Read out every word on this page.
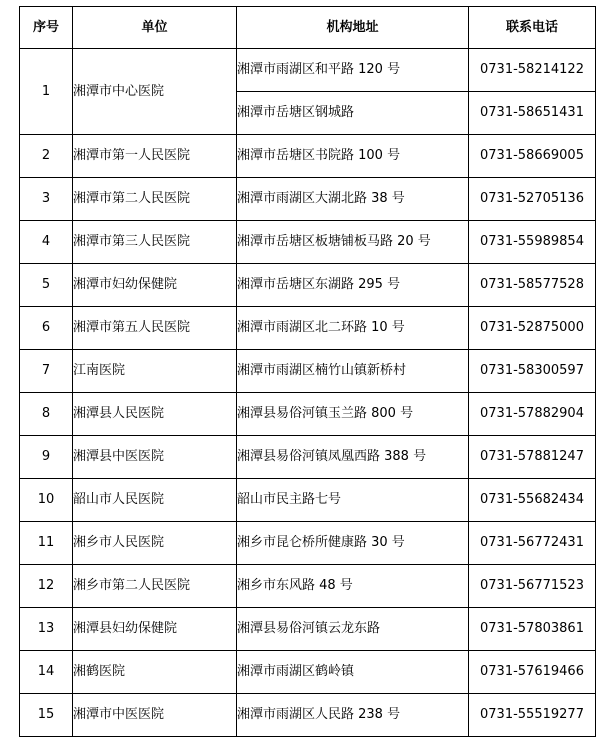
序号	单位	机构地址	联系电话
1	湘潭市中心医院	湘潭市雨湖区和平路 120 号	0731-58214122
		湘潭市岳塘区钢城路	0731-58651431
2	湘潭市第一人民医院	湘潭市岳塘区书院路 100 号	0731-58669005
3	湘潭市第二人民医院	湘潭市雨湖区大湖北路 38 号	0731-52705136
4	湘潭市第三人民医院	湘潭市岳塘区板塘铺板马路 20 号	0731-55989854
5	湘潭市妇幼保健院	湘潭市岳塘区东湖路 295 号	0731-58577528
6	湘潭市第五人民医院	湘潭市雨湖区北二环路 10 号	0731-52875000
7	江南医院	湘潭市雨湖区楠竹山镇新桥村	0731-58300597
8	湘潭县人民医院	湘潭县易俗河镇玉兰路 800 号	0731-57882904
9	湘潭县中医医院	湘潭县易俗河镇凤凰西路 388 号	0731-57881247
10	韶山市人民医院	韶山市民主路七号	0731-55682434
11	湘乡市人民医院	湘乡市昆仑桥所健康路 30 号	0731-56772431
12	湘乡市第二人民医院	湘乡市东风路 48 号	0731-56771523
13	湘潭县妇幼保健院	湘潭县易俗河镇云龙东路	0731-57803861
14	湘鹤医院	湘潭市雨湖区鹤岭镇	0731-57619466
15	湘潭市中医医院	湘潭市雨湖区人民路 238 号	0731-55519277
